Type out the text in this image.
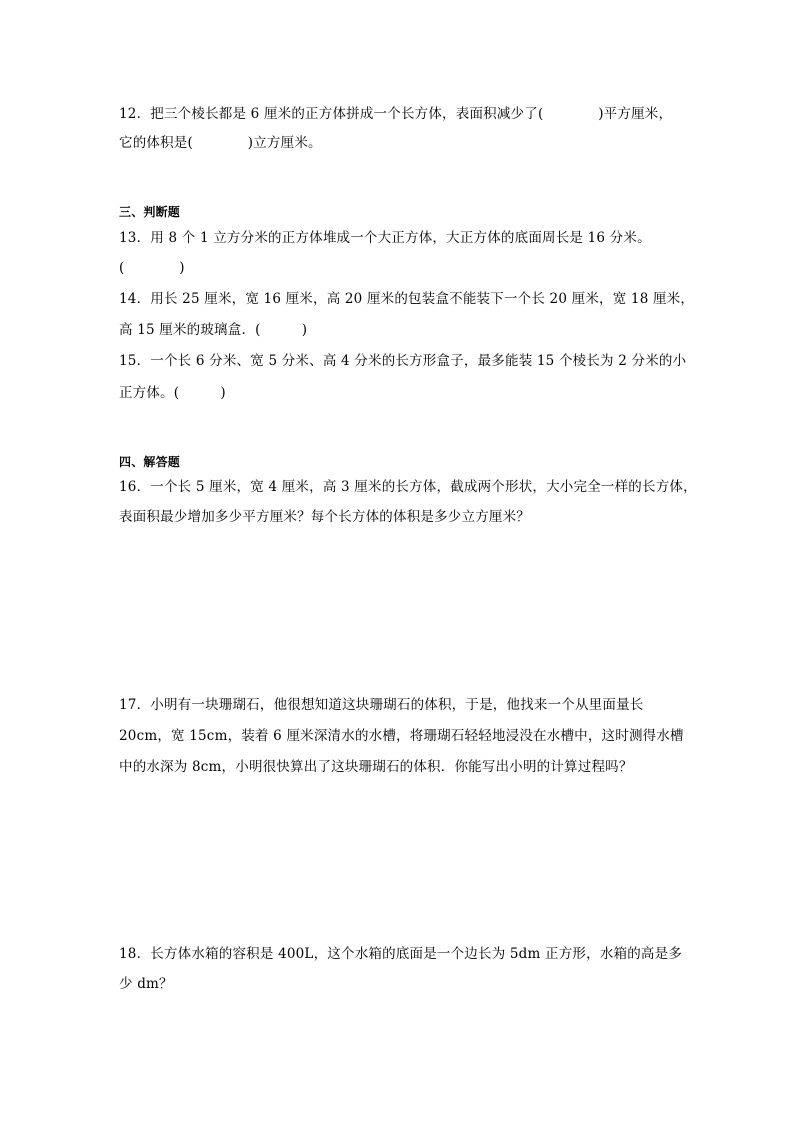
12．把三个棱长都是 6 厘米的正方体拼成一个长方体，表面积减少了(　　　　)平方厘米，
它的体积是(　　　　)立方厘米。
三、判断题
13．用 8 个 1 立方分米的正方体堆成一个大正方体，大正方体的底面周长是 16 分米。
(　　　　)
14．用长 25 厘米，宽 16 厘米，高 20 厘米的包装盒不能装下一个长 20 厘米，宽 18 厘米，
高 15 厘米的玻璃盒．(　　　)
15．一个长 6 分米、宽 5 分米、高 4 分米的长方形盒子，最多能装 15 个棱长为 2 分米的小
正方体。(　　　)
四、解答题
16．一个长 5 厘米，宽 4 厘米，高 3 厘米的长方体，截成两个形状，大小完全一样的长方体，
表面积最少增加多少平方厘米？每个长方体的体积是多少立方厘米？
17．小明有一块珊瑚石，他很想知道这块珊瑚石的体积，于是，他找来一个从里面量长
20cm，宽 15cm，装着 6 厘米深清水的水槽，将珊瑚石轻轻地浸没在水槽中，这时测得水槽
中的水深为 8cm，小明很快算出了这块珊瑚石的体积．你能写出小明的计算过程吗？
18．长方体水箱的容积是 400L，这个水箱的底面是一个边长为 5dm 正方形，水箱的高是多
少 dm？
